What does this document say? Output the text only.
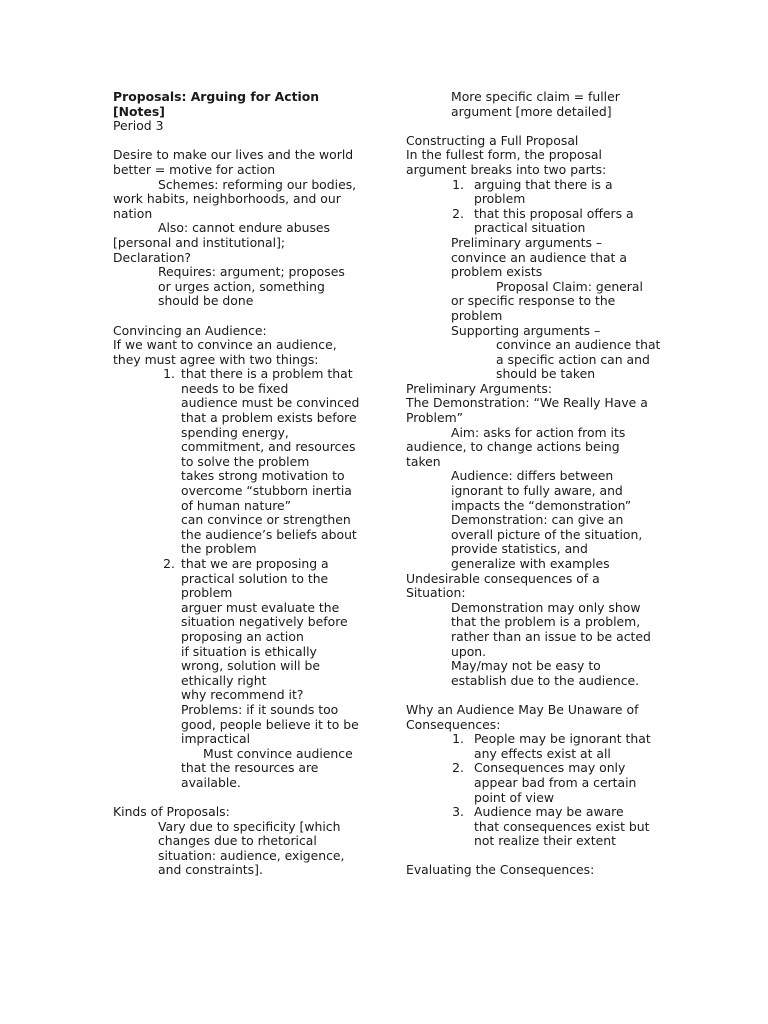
Proposals: Arguing for Action
[Notes]
Period 3
Desire to make our lives and the world
better = motive for action
Schemes: reforming our bodies,
work habits, neighborhoods, and our
nation
Also: cannot endure abuses
[personal and institutional];
Declaration?
Requires: argument; proposes
or urges action, something
should be done
Convincing an Audience:
If we want to convince an audience,
they must agree with two things:
1. that there is a problem that
needs to be fixed
audience must be convinced
that a problem exists before
spending energy,
commitment, and resources
to solve the problem
takes strong motivation to
overcome “stubborn inertia
of human nature”
can convince or strengthen
the audience’s beliefs about
the problem
2. that we are proposing a
practical solution to the
problem
arguer must evaluate the
situation negatively before
proposing an action
if situation is ethically
wrong, solution will be
ethically right
why recommend it?
Problems: if it sounds too
good, people believe it to be
impractical
Must convince audience
that the resources are
available.
Kinds of Proposals:
Vary due to specificity [which
changes due to rhetorical
situation: audience, exigence,
and constraints].
More specific claim = fuller
argument [more detailed]
Constructing a Full Proposal
In the fullest form, the proposal
argument breaks into two parts:
1. arguing that there is a
problem
2. that this proposal offers a
practical situation
Preliminary arguments –
convince an audience that a
problem exists
Proposal Claim: general
or specific response to the
problem
Supporting arguments –
convince an audience that
a specific action can and
should be taken
Preliminary Arguments:
The Demonstration: “We Really Have a
Problem”
Aim: asks for action from its
audience, to change actions being
taken
Audience: differs between
ignorant to fully aware, and
impacts the “demonstration”
Demonstration: can give an
overall picture of the situation,
provide statistics, and
generalize with examples
Undesirable consequences of a
Situation:
Demonstration may only show
that the problem is a problem,
rather than an issue to be acted
upon.
May/may not be easy to
establish due to the audience.
Why an Audience May Be Unaware of
Consequences:
1. People may be ignorant that
any effects exist at all
2. Consequences may only
appear bad from a certain
point of view
3. Audience may be aware
that consequences exist but
not realize their extent
Evaluating the Consequences:
